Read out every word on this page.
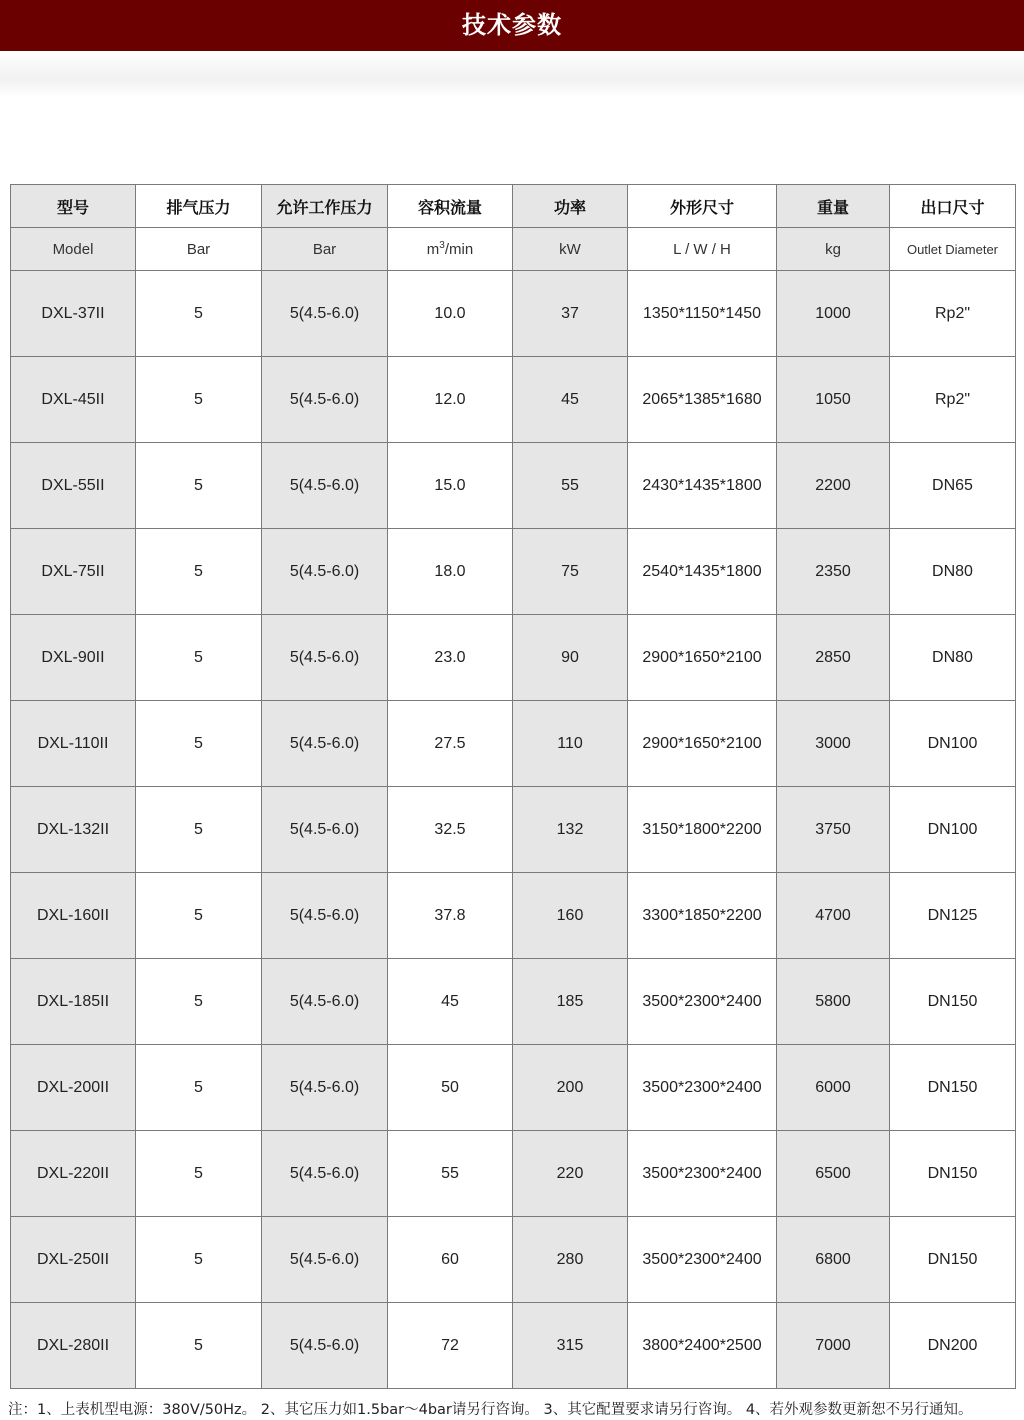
技术参数
型号	排气压力	允许工作压力	容积流量	功率	外形尺寸	重量	出口尺寸
Model	Bar	Bar	$m^3/\min$	kW	L / W / H	kg	Outlet Diameter
DXL-37II	5	5(4.5-6.0)	10.0	37	1350*1150*1450	1000	Rp2"
DXL-45II	5	5(4.5-6.0)	12.0	45	2065*1385*1680	1050	Rp2"
DXL-55II	5	5(4.5-6.0)	15.0	55	2430*1435*1800	2200	DN65
DXL-75II	5	5(4.5-6.0)	18.0	75	2540*1435*1800	2350	DN80
DXL-90II	5	5(4.5-6.0)	23.0	90	2900*1650*2100	2850	DN80
DXL-110II	5	5(4.5-6.0)	27.5	110	2900*1650*2100	3000	DN100
DXL-132II	5	5(4.5-6.0)	32.5	132	3150*1800*2200	3750	DN100
DXL-160II	5	5(4.5-6.0)	37.8	160	3300*1850*2200	4700	DN125
DXL-185II	5	5(4.5-6.0)	45	185	3500*2300*2400	5800	DN150
DXL-200II	5	5(4.5-6.0)	50	200	3500*2300*2400	6000	DN150
DXL-220II	5	5(4.5-6.0)	55	220	3500*2300*2400	6500	DN150
DXL-250II	5	5(4.5-6.0)	60	280	3500*2300*2400	6800	DN150
DXL-280II	5	5(4.5-6.0)	72	315	3800*2400*2500	7000	DN200
注：1、上表机型电源：380V/50Hz。 2、其它压力如1.5bar～4bar请另行咨询。 3、其它配置要求请另行咨询。 4、若外观参数更新恕不另行通知。
